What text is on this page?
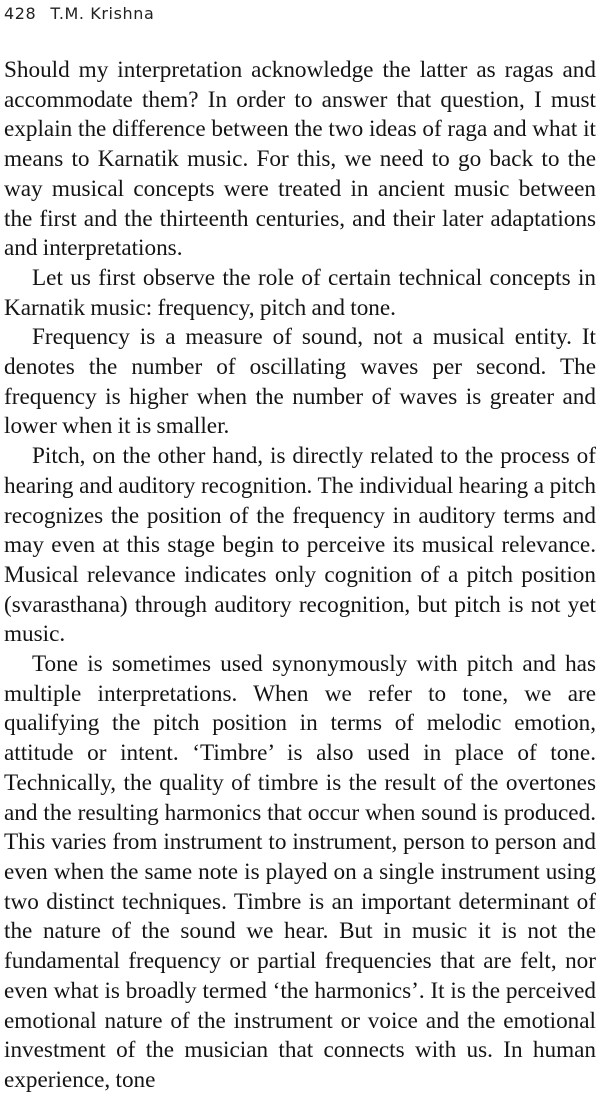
428 T.M. Krishna

Should my interpretation acknowledge the latter as ragas and accommodate them? In order to answer that question, I must explain the difference between the two ideas of raga and what it means to Karnatik music. For this, we need to go back to the way musical concepts were treated in ancient music between the first and the thirteenth centuries, and their later adaptations and interpretations.

Let us first observe the role of certain technical concepts in Karnatik music: frequency, pitch and tone.

Frequency is a measure of sound, not a musical entity. It denotes the number of oscillating waves per second. The frequency is higher when the number of waves is greater and lower when it is smaller.

Pitch, on the other hand, is directly related to the process of hearing and auditory recognition. The individual hearing a pitch recognizes the position of the frequency in auditory terms and may even at this stage begin to perceive its musical relevance. Musical relevance indicates only cognition of a pitch position (svarasthana) through auditory recognition, but pitch is not yet music.

Tone is sometimes used synonymously with pitch and has multiple interpretations. When we refer to tone, we are qualifying the pitch position in terms of melodic emotion, attitude or intent. ‘Timbre’ is also used in place of tone. Technically, the quality of timbre is the result of the overtones and the resulting harmonics that occur when sound is produced. This varies from instrument to instrument, person to person and even when the same note is played on a single instrument using two distinct techniques. Timbre is an important determinant of the nature of the sound we hear. But in music it is not the fundamental frequency or partial frequencies that are felt, nor even what is broadly termed ‘the harmonics’. It is the perceived emotional nature of the instrument or voice and the emotional investment of the musician that connects with us. In human experience, tone
